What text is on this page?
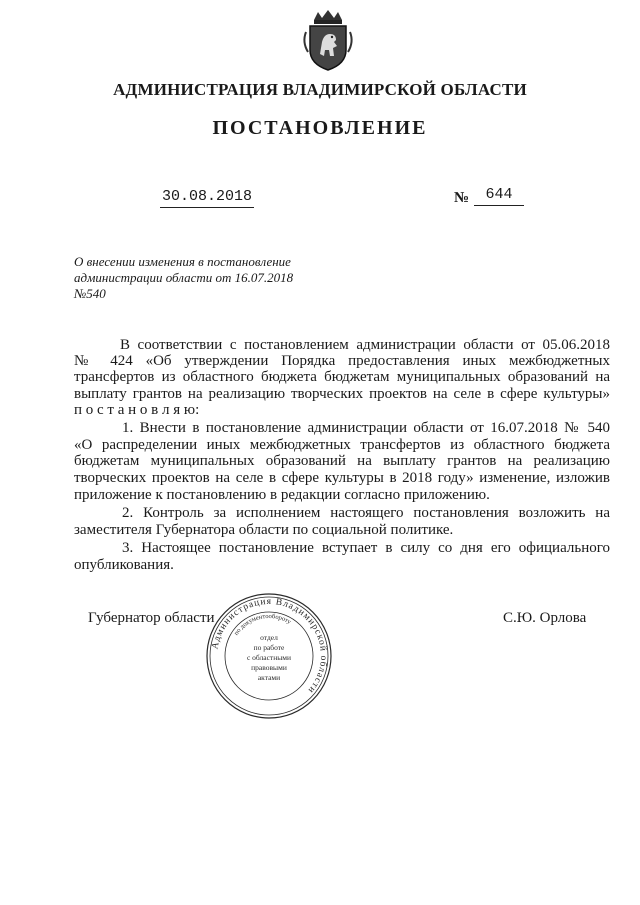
АДМИНИСТРАЦИЯ ВЛАДИМИРСКОЙ ОБЛАСТИ
ПОСТАНОВЛЕНИЕ
30.08.2018	№	644
О внесении изменения в постановление
администрации области от 16.07.2018
№540
В соответствии с постановлением администрации области от 05.06.2018
№ 424 «Об утверждении Порядка предоставления иных межбюджетных
трансфертов из областного бюджета бюджетам муниципальных образований на
выплату грантов на реализацию творческих проектов на селе в сфере культуры»
п о с т а н о в л я ю:
1. Внести в постановление администрации области от 16.07.2018 № 540
«О распределении иных межбюджетных трансфертов из областного бюджета
бюджетам муниципальных образований на выплату грантов на реализацию
творческих проектов на селе в сфере культуры в 2018 году» изменение, изложив
приложение к постановлению в редакции согласно приложению.
2. Контроль за исполнением настоящего постановления возложить на
заместителя Губернатора области по социальной политике.
3. Настоящее постановление вступает в силу со дня его официального
опубликования.
Губернатор области	С.Ю. Орлова
Администрация Владимирской области
по документообороту
отдел
по работе
с областными
правовыми
актами
